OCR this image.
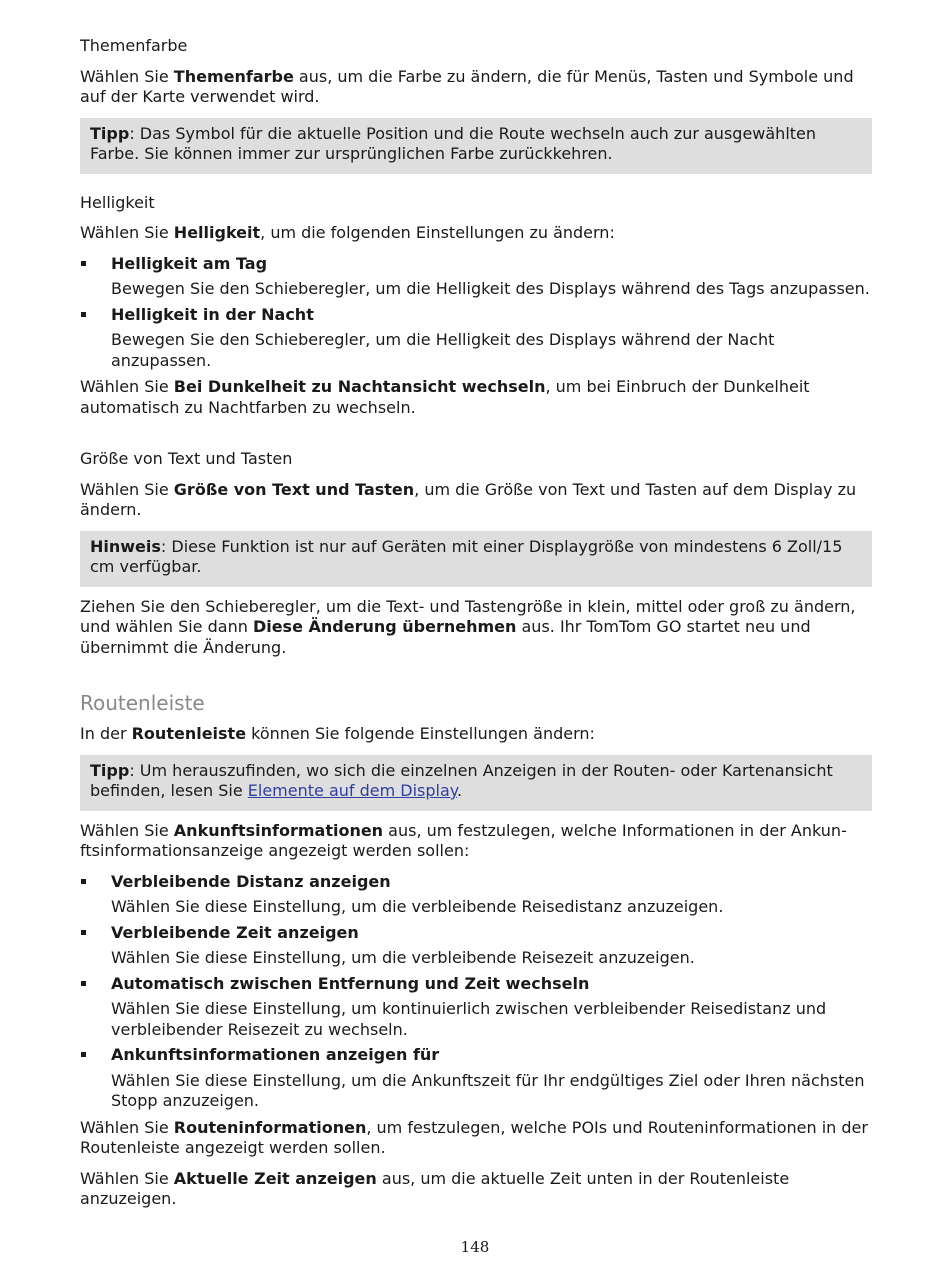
Themenfarbe

Wählen Sie Themenfarbe aus, um die Farbe zu ändern, die für Menüs, Tasten und Symbole und auf der Karte verwendet wird.

Tipp: Das Symbol für die aktuelle Position und die Route wechseln auch zur ausgewählten Farbe. Sie können immer zur ursprünglichen Farbe zurückkehren.
Helligkeit

Wählen Sie Helligkeit, um die folgenden Einstellungen zu ändern:

Helligkeit am Tag
Bewegen Sie den Schieberegler, um die Helligkeit des Displays während des Tags anzupassen.
Helligkeit in der Nacht
Bewegen Sie den Schieberegler, um die Helligkeit des Displays während der Nacht anzupassen.

Wählen Sie Bei Dunkelheit zu Nachtansicht wechseln, um bei Einbruch der Dunkelheit automatisch zu Nachtfarben zu wechseln.

Größe von Text und Tasten

Wählen Sie Größe von Text und Tasten, um die Größe von Text und Tasten auf dem Display zu ändern.

Hinweis: Diese Funktion ist nur auf Geräten mit einer Displaygröße von mindestens 6 Zoll/15 cm verfügbar.

Ziehen Sie den Schieberegler, um die Text- und Tastengröße in klein, mittel oder groß zu ändern, und wählen Sie dann Diese Änderung übernehmen aus. Ihr TomTom GO startet neu und übernimmt die Änderung.

Routenleiste

In der Routenleiste können Sie folgende Einstellungen ändern:

Tipp: Um herauszufinden, wo sich die einzelnen Anzeigen in der Routen- oder Kartenansicht befinden, lesen Sie Elemente auf dem Display.

Wählen Sie Ankunftsinformationen aus, um festzulegen, welche Informationen in der Ankunftsinformationsanzeige angezeigt werden sollen:

Verbleibende Distanz anzeigen
Wählen Sie diese Einstellung, um die verbleibende Reisedistanz anzuzeigen.
Verbleibende Zeit anzeigen
Wählen Sie diese Einstellung, um die verbleibende Reisezeit anzuzeigen.
Automatisch zwischen Entfernung und Zeit wechseln
Wählen Sie diese Einstellung, um kontinuierlich zwischen verbleibender Reisedistanz und verbleibender Reisezeit zu wechseln.
Ankunftsinformationen anzeigen für
Wählen Sie diese Einstellung, um die Ankunftszeit für Ihr endgültiges Ziel oder Ihren nächsten Stopp anzuzeigen.

Wählen Sie Routeninformationen, um festzulegen, welche POIs und Routeninformationen in der Routenleiste angezeigt werden sollen.

Wählen Sie Aktuelle Zeit anzeigen aus, um die aktuelle Zeit unten in der Routenleiste anzuzeigen.

148
